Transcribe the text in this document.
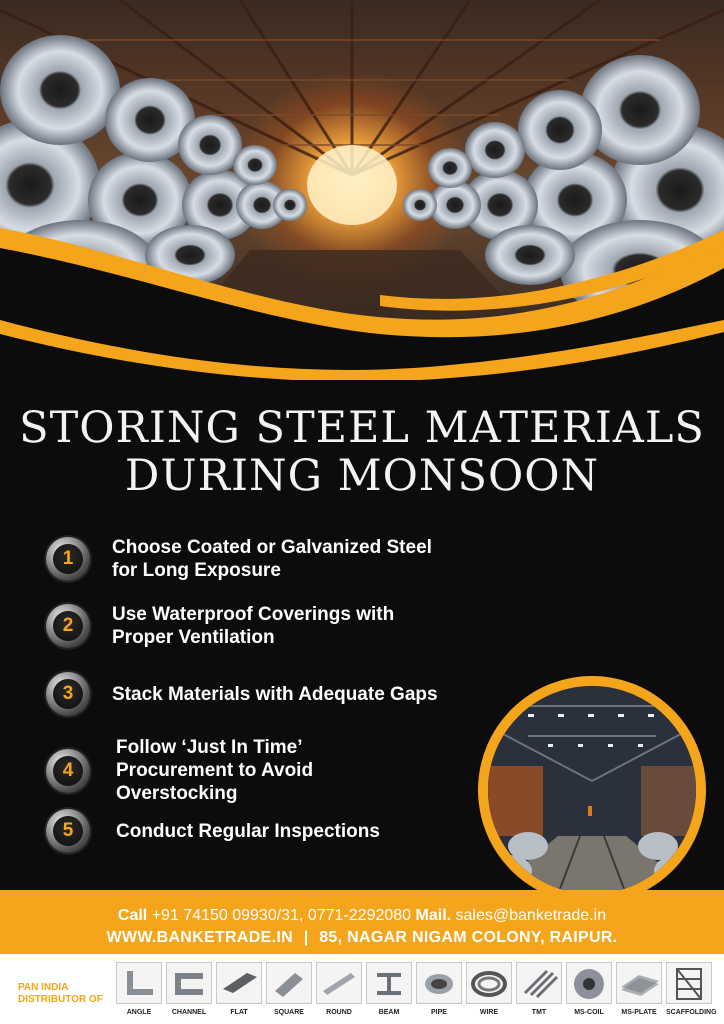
STORING STEEL MATERIALS
DURING MONSOON
1
Choose Coated or Galvanized Steel for Long Exposure
2
Use Waterproof Coverings with Proper Ventilation
3	Stack Materials with Adequate Gaps
4
Follow ‘Just In Time’ Procurement to Avoid Overstocking
5	Conduct Regular Inspections
Call +91 74150 09930/31, 0771-2292080 Mail. sales@banketrade.in
WWW.BANKETRADE.IN | 85, NAGAR NIGAM COLONY, RAIPUR.
PAN INDIA
DISTRIBUTOR OF
ANGLE	CHANNEL	FLAT	SQUARE	ROUND	BEAM	PIPE	WIRE	TMT	MS-COIL	MS-PLATE	SCAFFOLDING
